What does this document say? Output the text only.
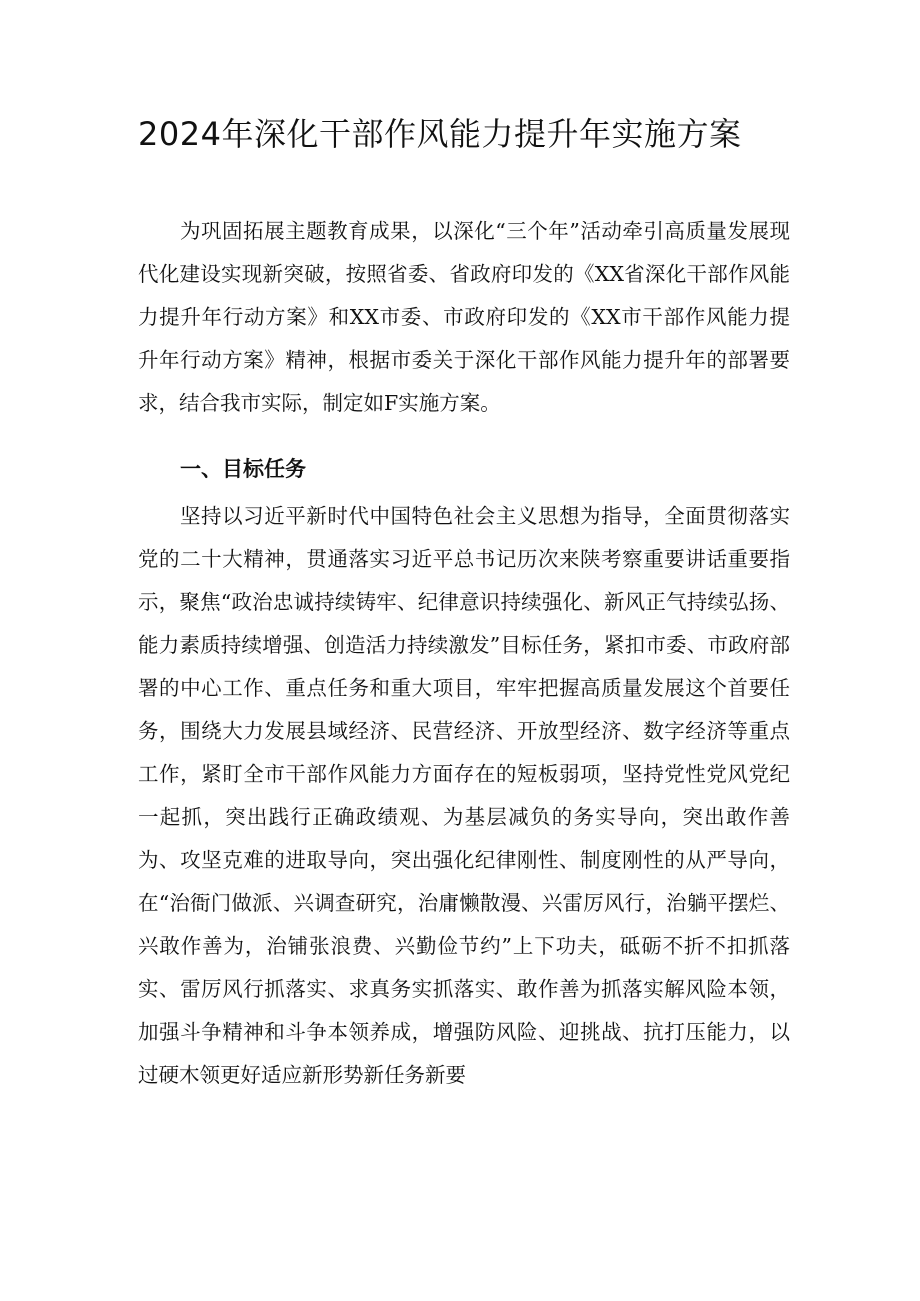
2024年深化干部作风能力提升年实施方案

为巩固拓展主题教育成果，以深化“三个年”活动牵引高质量发展现代化建设实现新突破，按照省委、省政府印发的《XX省深化干部作风能力提升年行动方案》和XX市委、市政府印发的《XX市干部作风能力提升年行动方案》精神，根据市委关于深化干部作风能力提升年的部署要求，结合我市实际，制定如F实施方案。

一、目标任务

坚持以习近平新时代中国特色社会主义思想为指导，全面贯彻落实党的二十大精神，贯通落实习近平总书记历次来陕考察重要讲话重要指示，聚焦“政治忠诚持续铸牢、纪律意识持续强化、新风正气持续弘扬、能力素质持续增强、创造活力持续激发”目标任务，紧扣市委、市政府部署的中心工作、重点任务和重大项目，牢牢把握高质量发展这个首要任务，围绕大力发展县域经济、民营经济、开放型经济、数字经济等重点工作，紧盯全市干部作风能力方面存在的短板弱项，坚持党性党风党纪一起抓，突出践行正确政绩观、为基层减负的务实导向，突出敢作善为、攻坚克难的进取导向，突出强化纪律刚性、制度刚性的从严导向，在“治衙门做派、兴调查研究，治庸懒散漫、兴雷厉风行，治躺平摆烂、兴敢作善为，治铺张浪费、兴勤俭节约”上下功夫，砥砺不折不扣抓落实、雷厉风行抓落实、求真务实抓落实、敢作善为抓落实解风险本领，加强斗争精神和斗争本领养成，增强防风险、迎挑战、抗打压能力，以过硬木领更好适应新形势新任务新要
